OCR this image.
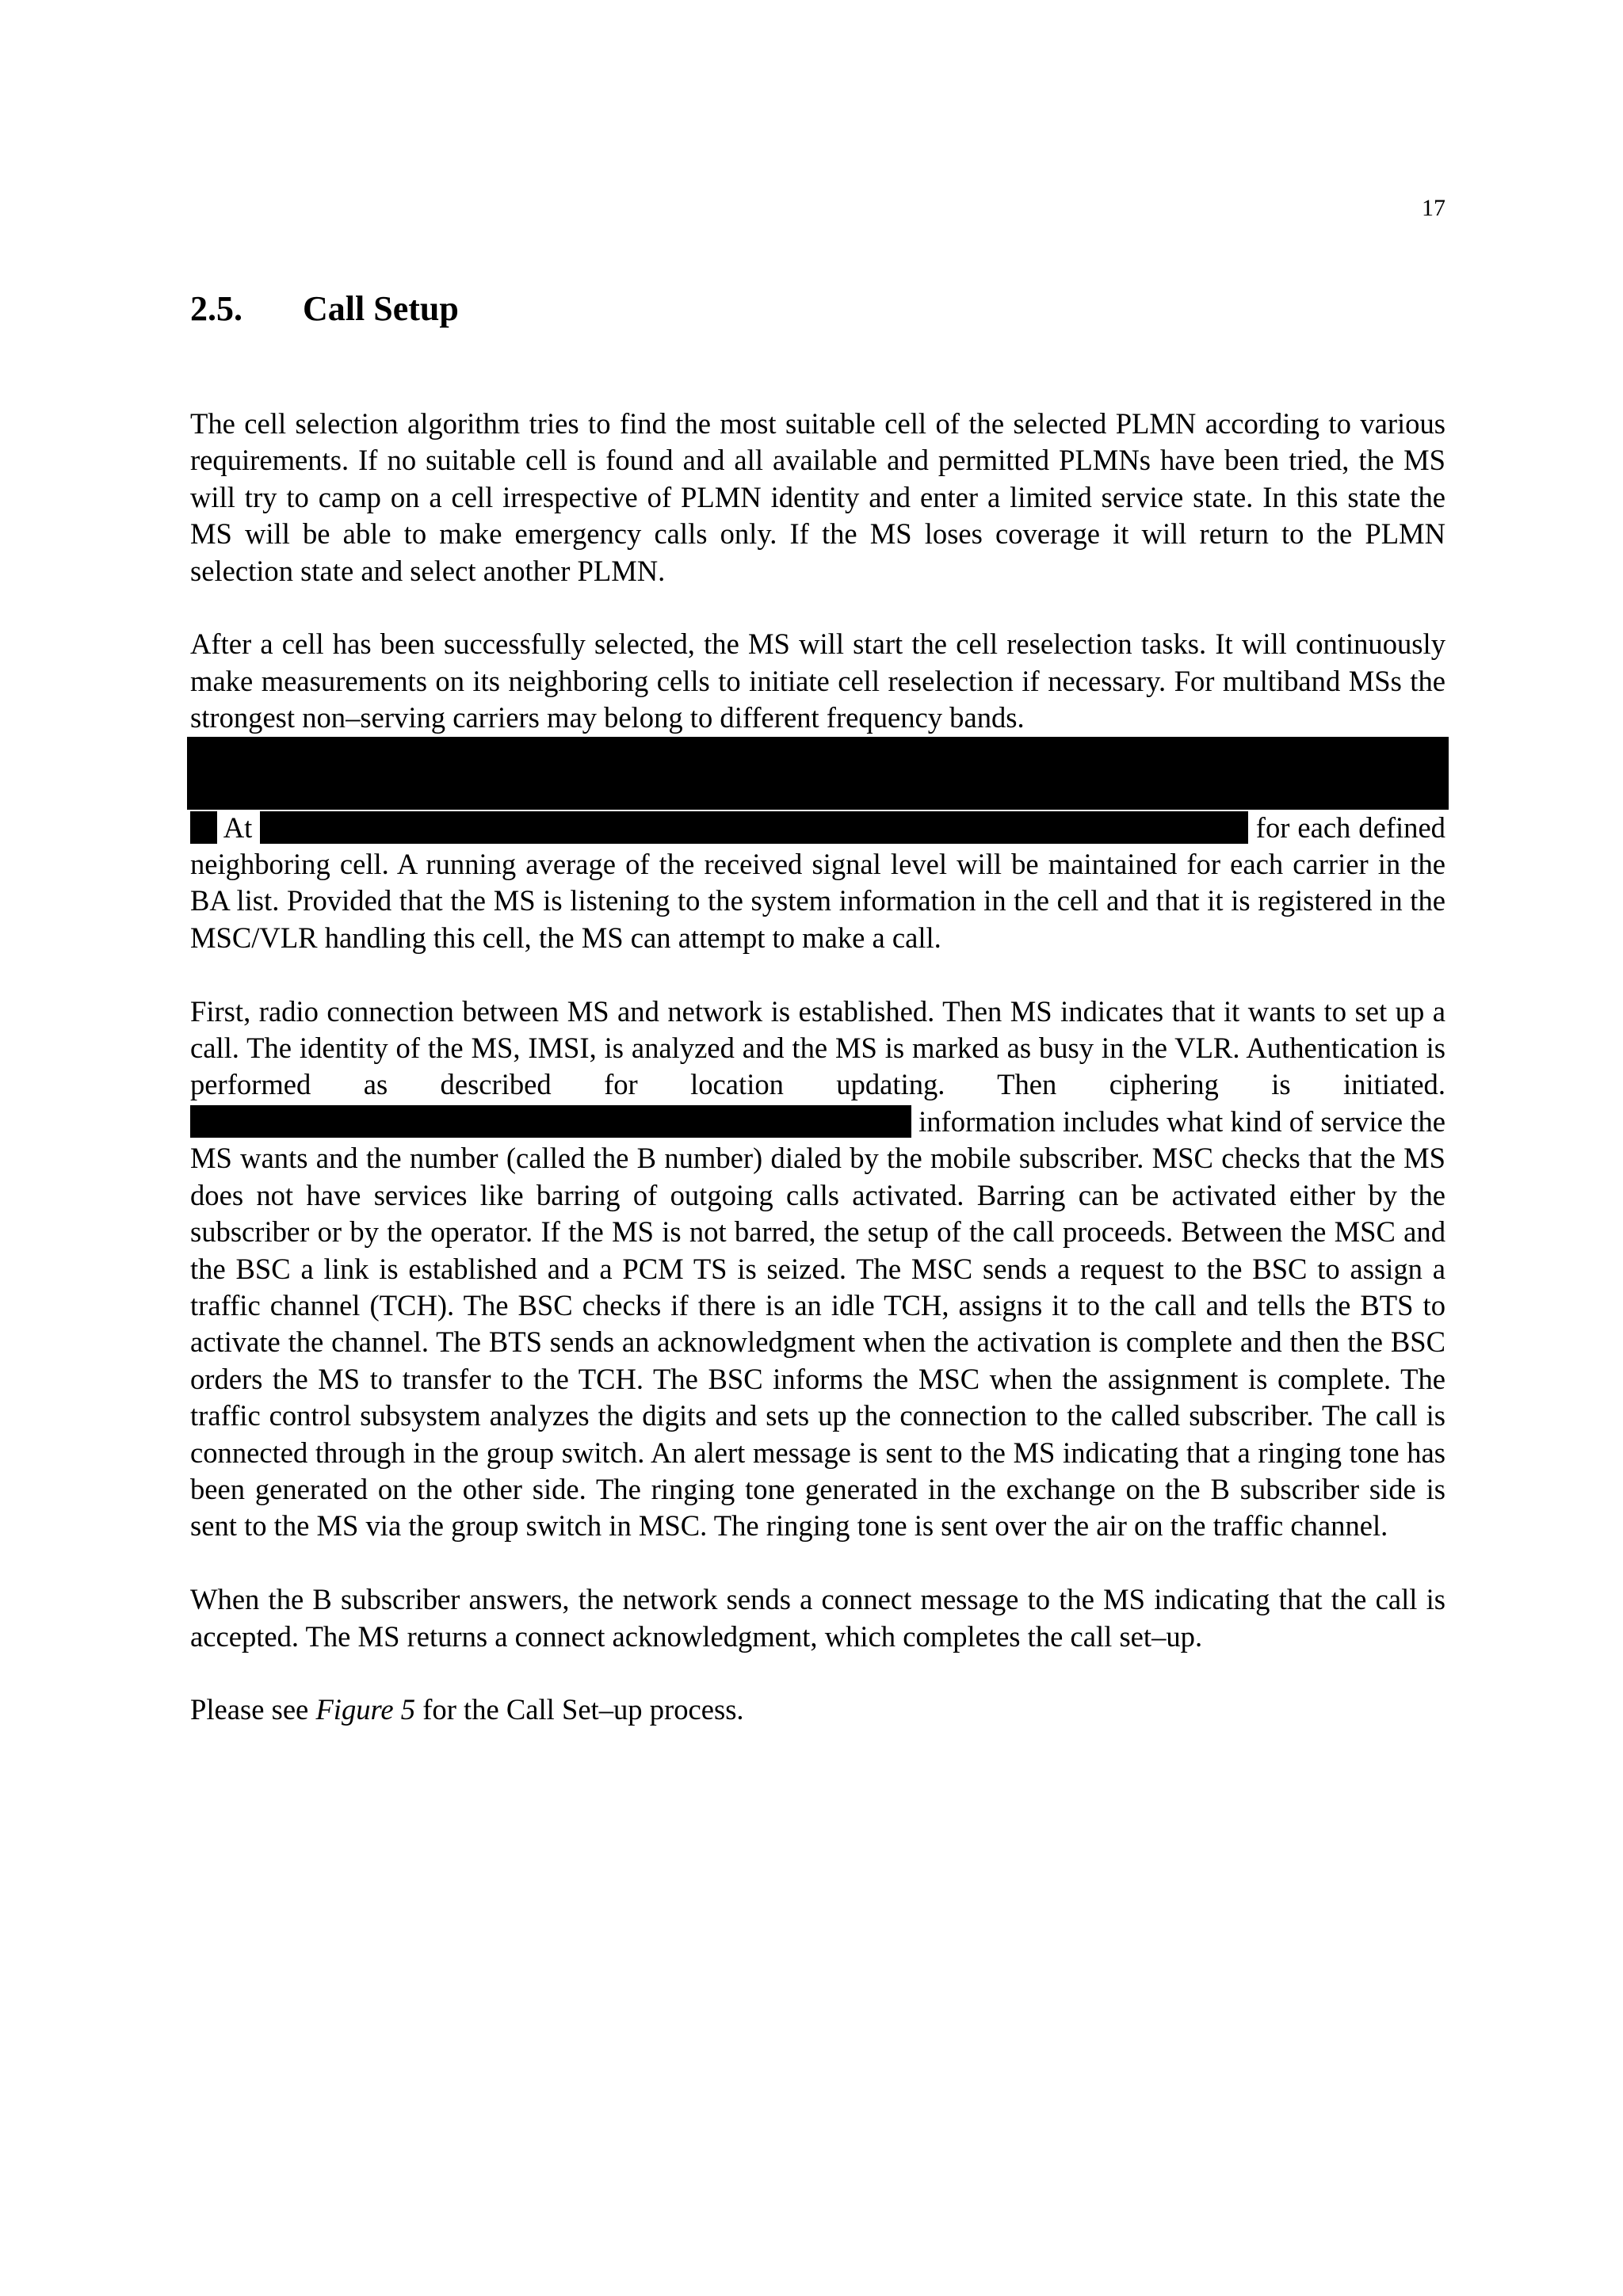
17
2.5. Call Setup

The cell selection algorithm tries to find the most suitable cell of the selected PLMN according to various requirements. If no suitable cell is found and all available and permitted PLMNs have been tried, the MS will try to camp on a cell irrespective of PLMN identity and enter a limited service state. In this state the MS will be able to make emergency calls only. If the MS loses coverage it will return to the PLMN selection state and select another PLMN.

After a cell has been successfully selected, the MS will start the cell reselection tasks. It will continuously make measurements on its neighboring cells to initiate cell reselection if necessary. For multiband MSs the strongest non–serving carriers may belong to different frequency bands.
​    At	for each defined neighboring cell. A running average of the received signal level will be maintained for each carrier in the BA list. Provided that the MS is listening to the system information in the cell and that it is registered in the MSC/VLR handling this cell, the MS can attempt to make a call.

First, radio connection between MS and network is established. Then MS indicates that it wants to set up a call. The identity of the MS, IMSI, is analyzed and the MS is marked as busy in the VLR. Authentication is performed as described for location updating. Then ciphering is initiated.                                                                                                    information includes what kind of service the MS wants and the number (called the B number) dialed by the mobile subscriber. MSC checks that the MS does not have services like barring of outgoing calls activated. Barring can be activated either by the subscriber or by the operator. If the MS is not barred, the setup of the call proceeds. Between the MSC and the BSC a link is established and a PCM TS is seized. The MSC sends a request to the BSC to assign a traffic channel (TCH). The BSC checks if there is an idle TCH, assigns it to the call and tells the BTS to activate the channel. The BTS sends an acknowledgment when the activation is complete and then the BSC orders the MS to transfer to the TCH. The BSC informs the MSC when the assignment is complete. The traffic control subsystem analyzes the digits and sets up the connection to the called subscriber. The call is connected through in the group switch. An alert message is sent to the MS indicating that a ringing tone has been generated on the other side. The ringing tone generated in the exchange on the B subscriber side is sent to the MS via the group switch in MSC. The ringing tone is sent over the air on the traffic channel.

When the B subscriber answers, the network sends a connect message to the MS indicating that the call is accepted. The MS returns a connect acknowledgment, which completes the call set–up.

Please see Figure 5 for the Call Set–up process.
